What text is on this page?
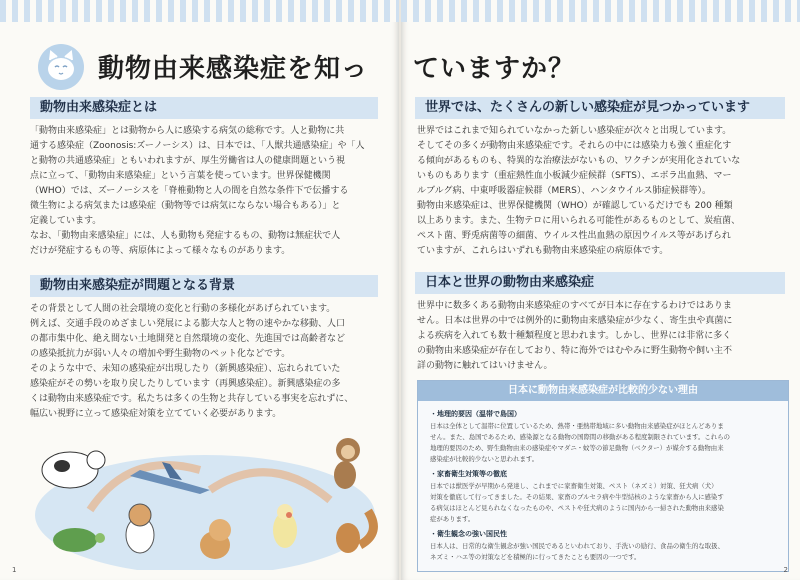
動物由来感染症を知っ
動物由来感染症とは
「動物由来感染症」とは動物から人に感染する病気の総称です。人と動物に共
通する感染症（Zoonosis:ズーノーシス）は、日本では、「人獣共通感染症」や「人
と動物の共通感染症」ともいわれますが、厚生労働省は人の健康問題という視
点に立って、「動物由来感染症」という言葉を使っています。世界保健機関
（WHO）では、ズーノーシスを「脊椎動物と人の間を自然な条件下で伝播する
微生物による病気または感染症（動物等では病気にならない場合もある）」と
定義しています。
なお、「動物由来感染症」には、人も動物も発症するもの、動物は無症状で人
だけが発症するもの等、病原体によって様々なものがあります。
動物由来感染症が問題となる背景
その背景として人間の社会環境の変化と行動の多様化があげられています。
例えば、交通手段のめざましい発展による膨大な人と物の速やかな移動、人口
の都市集中化、絶え間ない土地開発と自然環境の変化、先進国では高齢者など
の感染抵抗力が弱い人々の増加や野生動物のペット化などです。
そのような中で、未知の感染症が出現したり（新興感染症）、忘れられていた
感染症がその勢いを取り戻したりしています（再興感染症）。新興感染症の多
くは動物由来感染症です。私たちは多くの生物と共存している事実を忘れずに、
幅広い視野に立って感染症対策を立てていく必要があります。
1
ていますか？
世界では、たくさんの新しい感染症が見つかっています
世界ではこれまで知られていなかった新しい感染症が次々と出現しています。
そしてその多くが動物由来感染症です。それらの中には感染力も強く重症化す
る傾向があるものも、特異的な治療法がないもの、ワクチンが実用化されていな
いものもあります（重症熱性血小板減少症候群（SFTS）、エボラ出血熱、マー
ルブルグ病、中東呼吸器症候群（MERS）、ハンタウイルス肺症候群等）。
動物由来感染症は、世界保健機関（WHO）が確認しているだけでも 200 種類
以上あります。また、生物テロに用いられる可能性があるものとして、炭疽菌、
ペスト菌、野兎病菌等の細菌、ウイルス性出血熱の原因ウイルス等があげられ
ていますが、これらはいずれも動物由来感染症の病原体です。
日本と世界の動物由来感染症
世界中に数多くある動物由来感染症のすべてが日本に存在するわけではありま
せん。日本は世界の中では例外的に動物由来感染症が少なく、寄生虫や真菌に
よる疾病を入れても数十種類程度と思われます。しかし、世界には非常に多く
の動物由来感染症が存在しており、特に海外ではむやみに野生動物や飼い主不
詳の動物に触れてはいけません。
日本に動物由来感染症が比較的少ない理由
・地理的要因（温帯で島国）
日本は全体として温帯に位置しているため、熱帯・亜熱帯地域に多い動物由来感染症がほとんどありま
せん。また、島国であるため、感染源となる動物の国際間の移動がある程度制限されています。これらの
地理的要因のため、野生動物由来の感染症やマダニ・蚊等の節足動物（ベクター）が媒介する動物由来
感染症が比較的少ないと思われます。
・家畜衛生対策等の徹底
日本では獣医学が早期から発達し、これまでに家畜衛生対策、ペスト（ネズミ）対策、狂犬病（犬）
対策を徹底して行ってきました。その結果、家畜のブルセラ病や牛型結核のような家畜から人に感染す
る病気はほとんど見られなくなったものや、ペストや狂犬病のように国内から一掃された動物由来感染
症があります。
・衛生観念の強い国民性
日本人は、日常的な衛生観念が強い国民であるといわれており、手洗いの励行、食品の衛生的な取扱、
ネズミ・ハエ等の対策などを積極的に行ってきたことも要因の一つです。
2
